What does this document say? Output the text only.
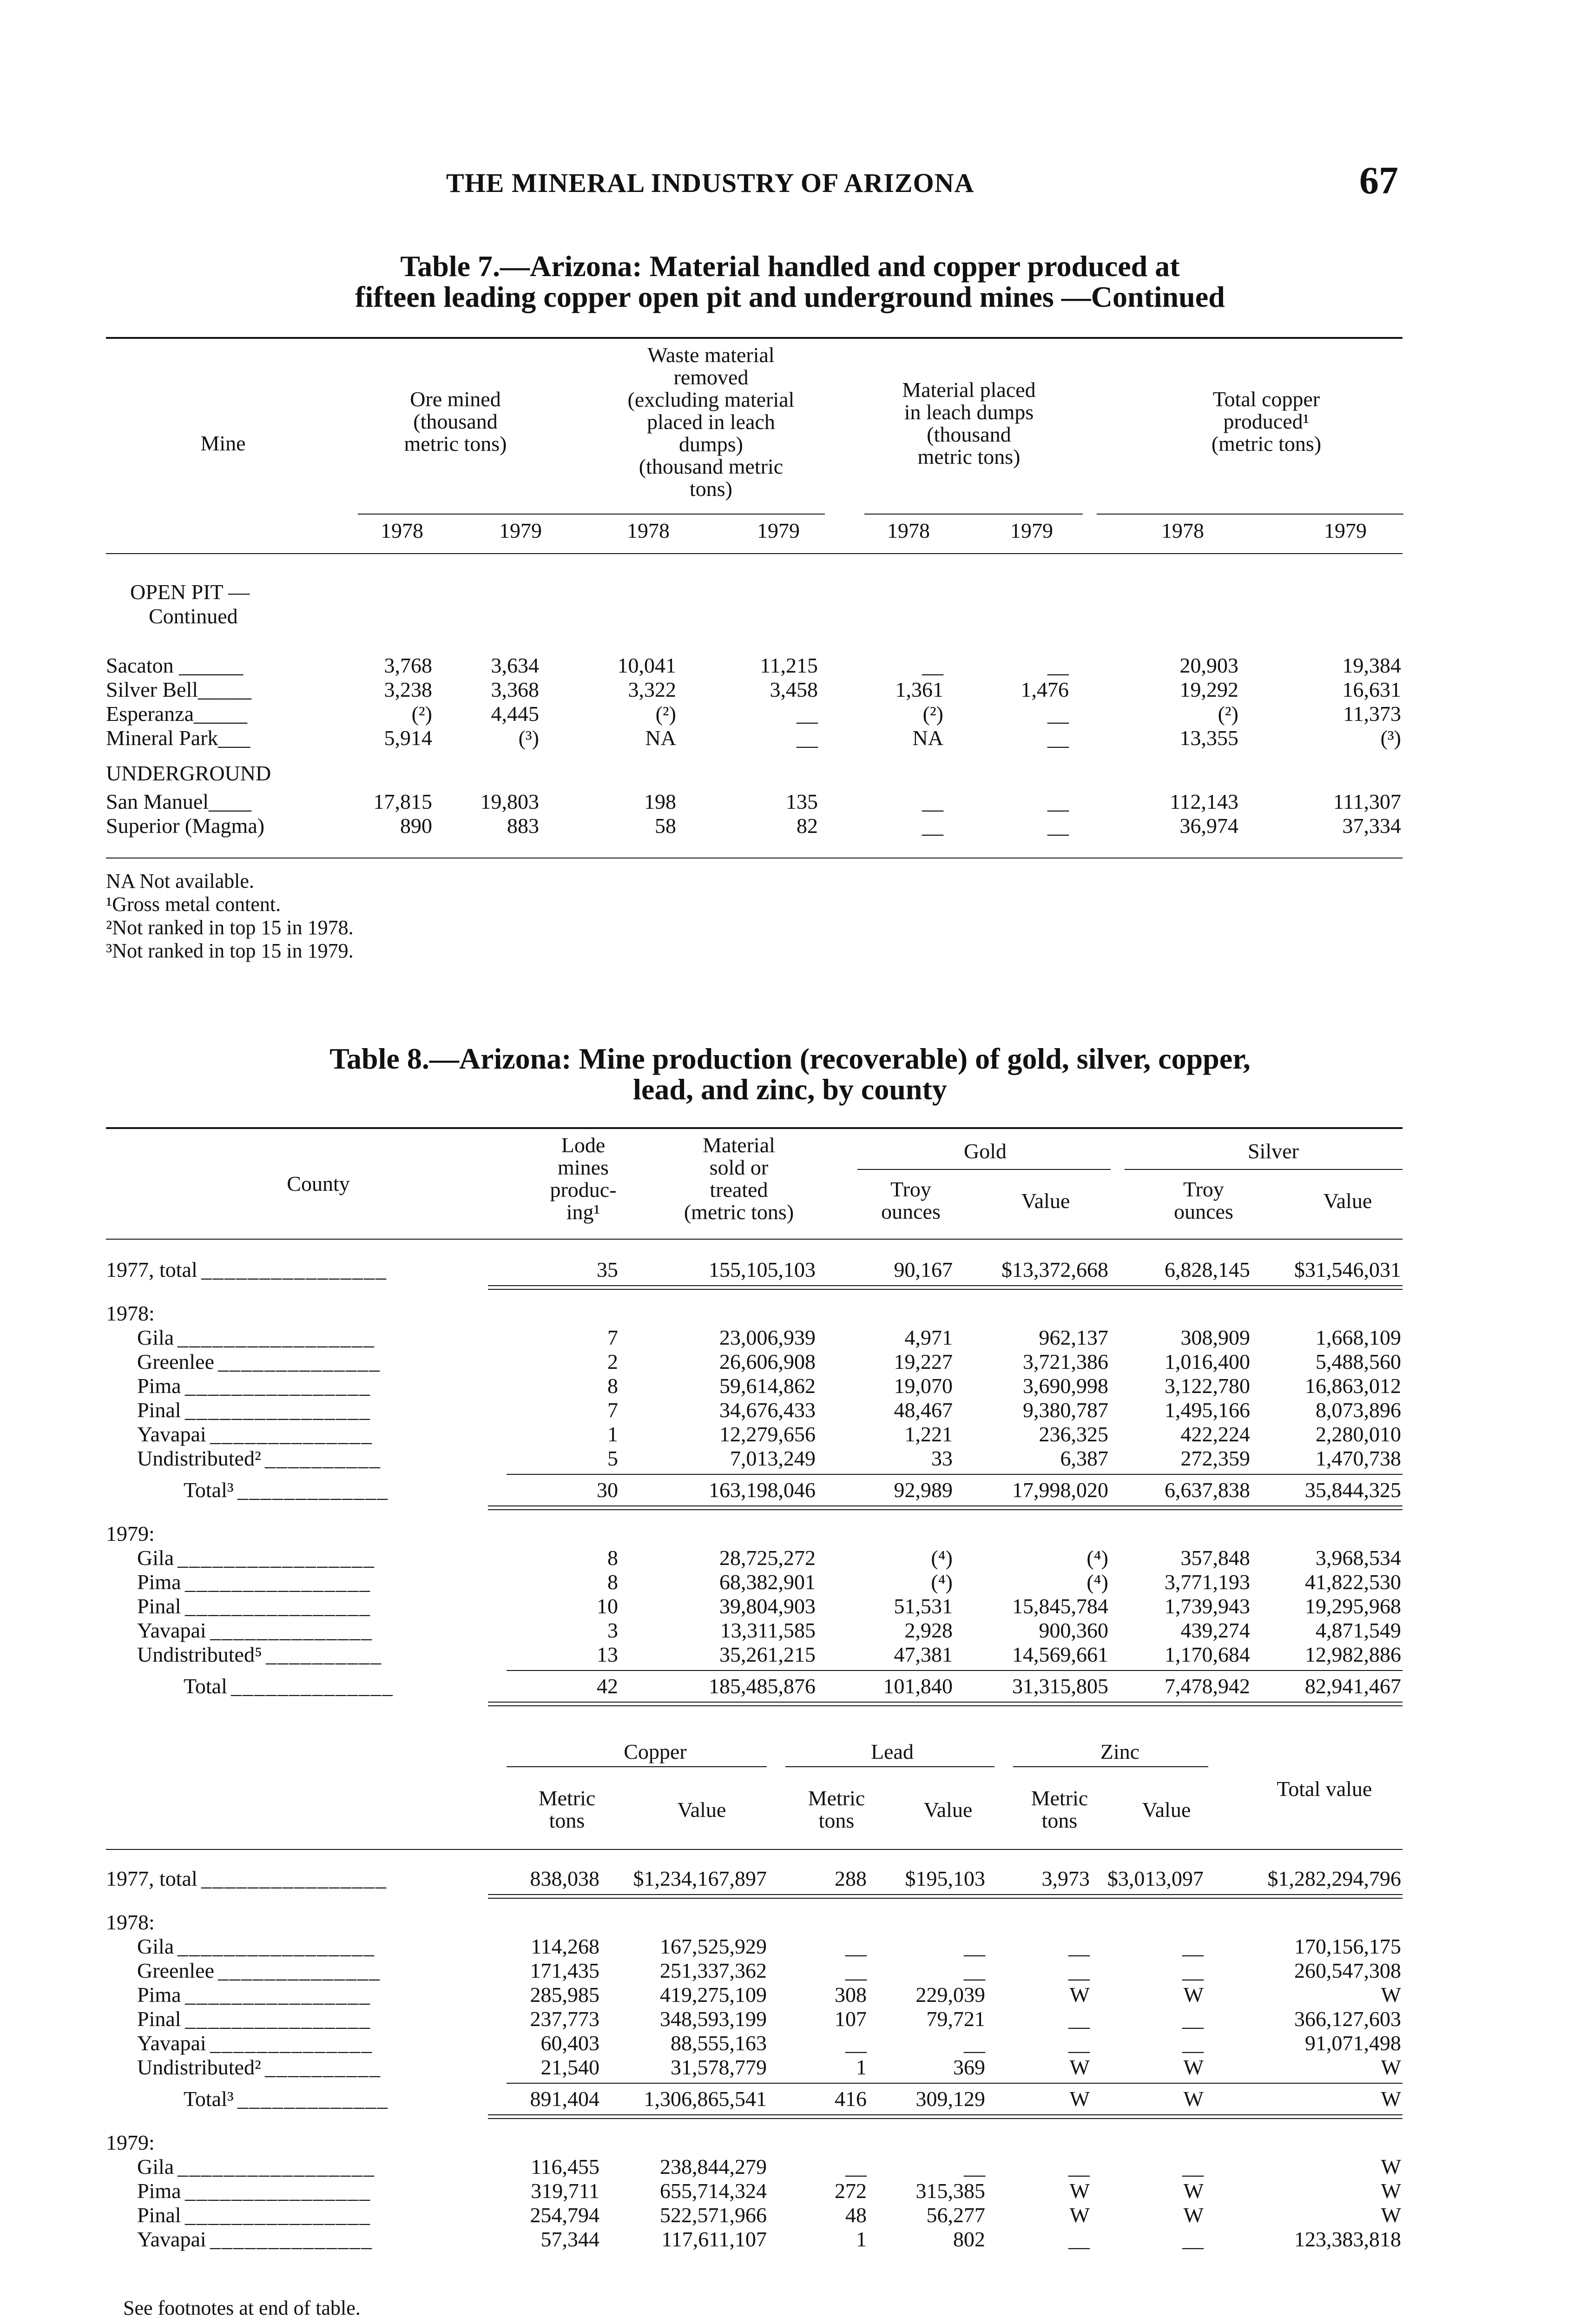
THE MINERAL INDUSTRY OF ARIZONA	67
Table 7.—Arizona: Material handled and copper produced at
fifteen leading copper open pit and underground mines —Continued
Mine
Ore mined
(thousand
metric tons)
Waste material
removed
(excluding material
placed in leach
dumps)
(thousand metric
tons)
Material placed
in leach dumps
(thousand
metric tons)
Total copper
produced¹
(metric tons)
1978	1979	1978	1979	1978	1979	1978	1979
OPEN PIT —
Continued
Sacaton ______	3,768	3,634	10,041	11,215	__	__	20,903	19,384
Silver Bell_____	3,238	3,368	3,322	3,458	1,361	1,476	19,292	16,631
Esperanza_____	(²)	4,445	(²)	__	(²)	__	(²)	11,373
Mineral Park___	5,914	(³)	NA	__	NA	__	13,355	(³)
San Manuel____	17,815 19,803	198	135	__	__	112,143	111,307
Superior (Magma)	890	883	58	82	__	__	36,974	37,334
UNDERGROUND
NA Not available.
¹Gross metal content.
²Not ranked in top 15 in 1978.
³Not ranked in top 15 in 1979.
Table 8.—Arizona: Mine production (recoverable) of gold, silver, copper,
lead, and zinc, by county
County
Lode
mines
produc-
ing¹
Material
sold or
treated
(metric tons)
Gold	Silver
Troy
ounces	Value	Troy
ounces	Value
1977, total ________________	35	155,105,103	90,167 $13,372,668	6,828,145 $31,546,031
1978:
Gila _________________	7	23,006,939	4,971	962,137	308,909	1,668,109
Greenlee ______________	2	26,606,908	19,227	3,721,386	1,016,400	5,488,560
Pima ________________	8	59,614,862	19,070	3,690,998	3,122,780	16,863,012
Pinal ________________	7	34,676,433	48,467	9,380,787	1,495,166	8,073,896
Yavapai ______________	1	12,279,656	1,221	236,325	422,224	2,280,010
Undistributed² __________	5	7,013,249	33	6,387	272,359	1,470,738
Total³ _____________	30	163,198,046	92,989	17,998,020	6,637,838	35,844,325
1979:
Gila _________________	8	28,725,272	(⁴)	(⁴)	357,848	3,968,534
Pima ________________	8	68,382,901	(⁴)	(⁴)	3,771,193	41,822,530
Pinal ________________	10	39,804,903	51,531	15,845,784	1,739,943	19,295,968
Yavapai ______________	3	13,311,585	2,928	900,360	439,274	4,871,549
Undistributed⁵ __________	13	35,261,215	47,381	14,569,661	1,170,684	12,982,886
Total ______________	42	185,485,876	101,840	31,315,805	7,478,942	82,941,467
Copper	Lead	Zinc
Metric
tons	Value	Metric
tons	Value	Metric
tons	Value
Total value
1977, total ________________	838,038 $1,234,167,897	288 $195,103	3,973 $3,013,097	$1,282,294,796
1978:
Gila _________________	114,268	167,525,929	__	__	__	__	170,156,175
Greenlee ______________	171,435	251,337,362	__	__	__	__	260,547,308
Pima ________________	285,985	419,275,109	308 229,039	W	W	W
Pinal ________________	237,773	348,593,199	107	79,721	__	__	366,127,603
Yavapai ______________	60,403	88,555,163	__	__	__	__	91,071,498
Undistributed² __________	21,540	31,578,779	1	369	W	W	W
Total³ _____________	891,404 1,306,865,541	416 309,129	W	W	W
1979:
Gila _________________	116,455	238,844,279	__	__	__	__	W
Pima ________________	319,711	655,714,324	272 315,385	W	W	W
Pinal ________________	254,794	522,571,966	48	56,277	W	W	W
Yavapai ______________	57,344	117,611,107	1	802	__	__	123,383,818
See footnotes at end of table.
